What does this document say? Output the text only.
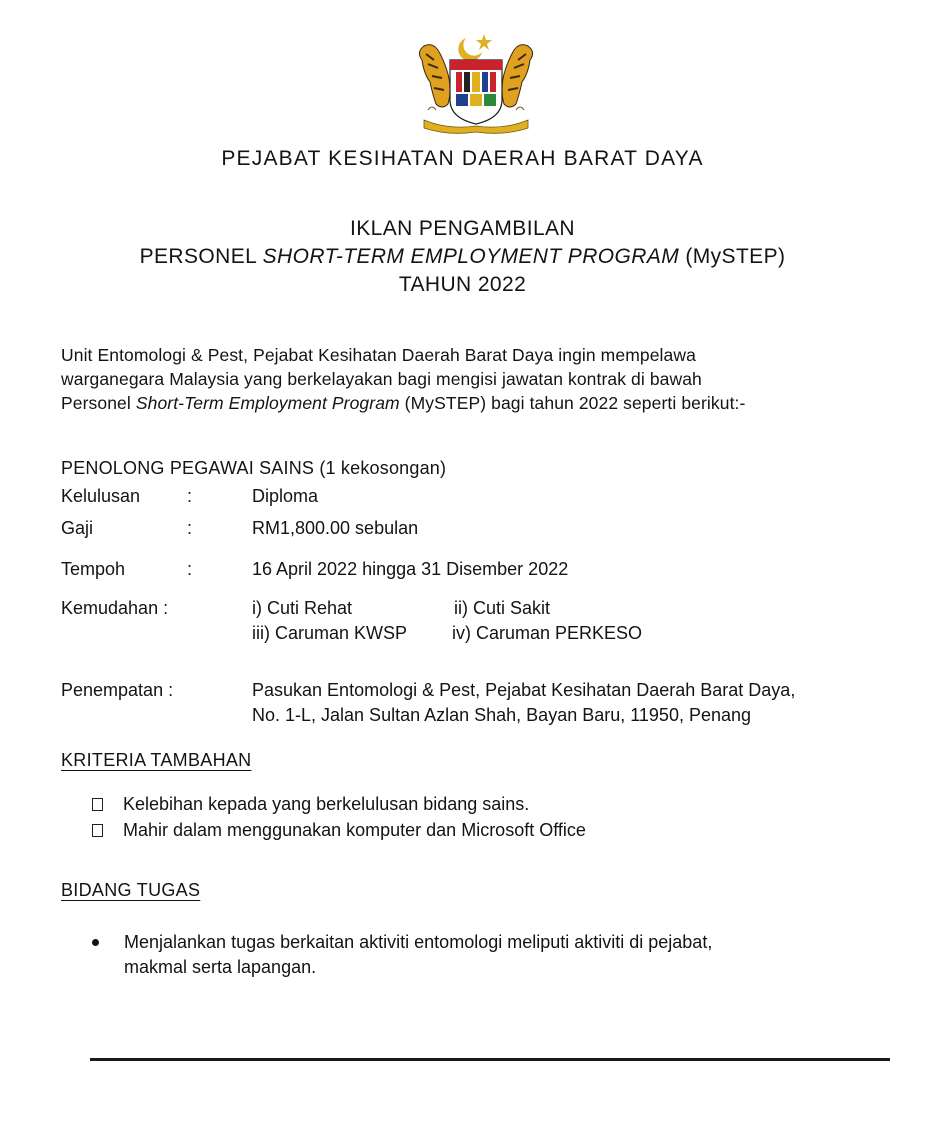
PEJABAT KESIHATAN DAERAH BARAT DAYA
IKLAN PENGAMBILAN
PERSONEL SHORT-TERM EMPLOYMENT PROGRAM (MySTEP)
TAHUN 2022
Unit Entomologi & Pest, Pejabat Kesihatan Daerah Barat Daya ingin mempelawa
warganegara Malaysia yang berkelayakan bagi mengisi jawatan kontrak di bawah
Personel Short-Term Employment Program (MySTEP) bagi tahun 2022 seperti berikut:-
PENOLONG PEGAWAI SAINS (1 kekosongan)
Kelulusan	:	Diploma
Gaji	:	RM1,800.00 sebulan
Tempoh	:	16 April 2022 hingga 31 Disember 2022
Kemudahan :	i) Cuti Rehat	ii) Cuti Sakit
iii) Caruman KWSP iv) Caruman PERKESO
Penempatan :	Pasukan Entomologi & Pest, Pejabat Kesihatan Daerah Barat Daya,
No. 1-L, Jalan Sultan Azlan Shah, Bayan Baru, 11950, Penang
KRITERIA TAMBAHAN
Kelebihan kepada yang berkelulusan bidang sains.
Mahir dalam menggunakan komputer dan Microsoft Office
BIDANG TUGAS
Menjalankan tugas berkaitan aktiviti entomologi meliputi aktiviti di pejabat,
makmal serta lapangan.
